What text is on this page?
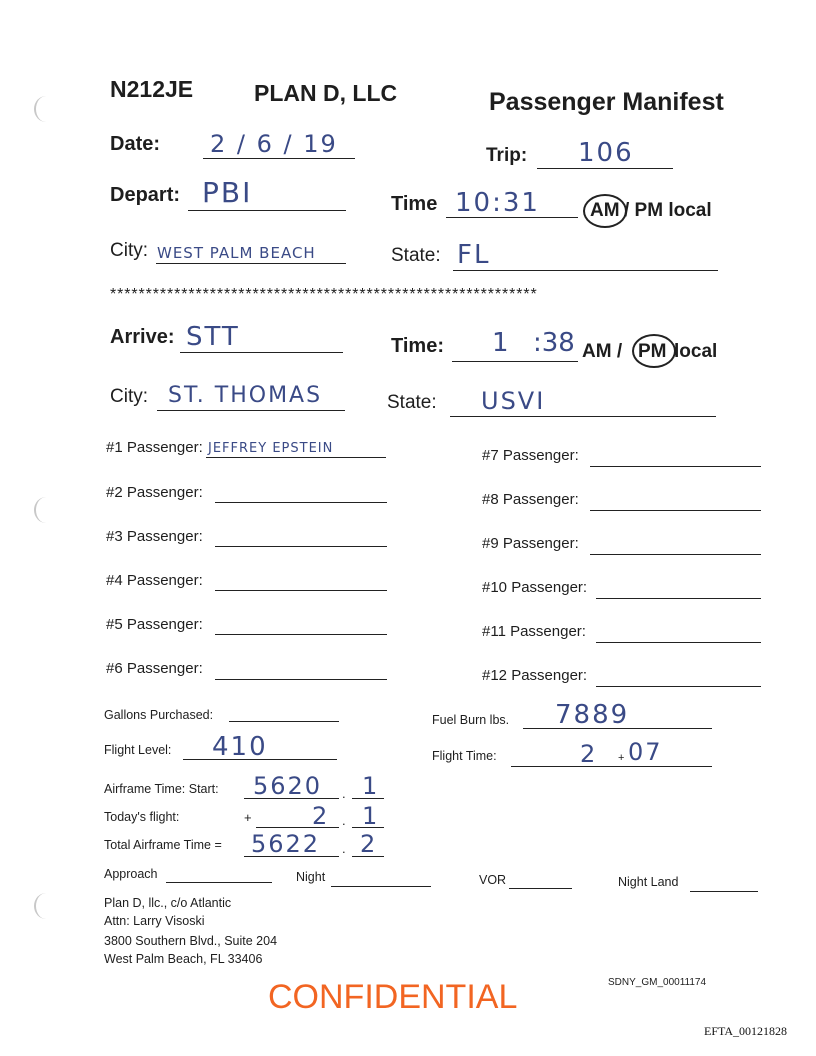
N212JE	PLAN D, LLC	Passenger Manifest
Date: 2 / 6 / 19	Trip: 106
Depart: PBI	Time 10:31	AM / PM local
City: WEST PALM BEACH	State: FL
************************************************************
Arrive: STT	Time: 1 :38 AM / PM local
City: ST. THOMAS	State: USVI
#1 Passenger: JEFFREY EPSTEIN
#2 Passenger:
#3 Passenger:
#4 Passenger:
#5 Passenger:
#6 Passenger:
#7 Passenger:
#8 Passenger:
#9 Passenger:
#10 Passenger:
#11 Passenger:
#12 Passenger:
Gallons Purchased:	Fuel Burn lbs. 7889
Flight Level: 410	Flight Time:	2 + 07
Airframe Time: Start: 5620 . 1
Today's flight:	+	2 . 1
Total Airframe Time = 5622 . 2
Approach	Night	VOR	Night Land
Plan D, llc., c/o Atlantic
Attn: Larry Visoski
3800 Southern Blvd., Suite 204
West Palm Beach, FL 33406
SDNY_GM_00011174
CONFIDENTIAL
EFTA_00121828
